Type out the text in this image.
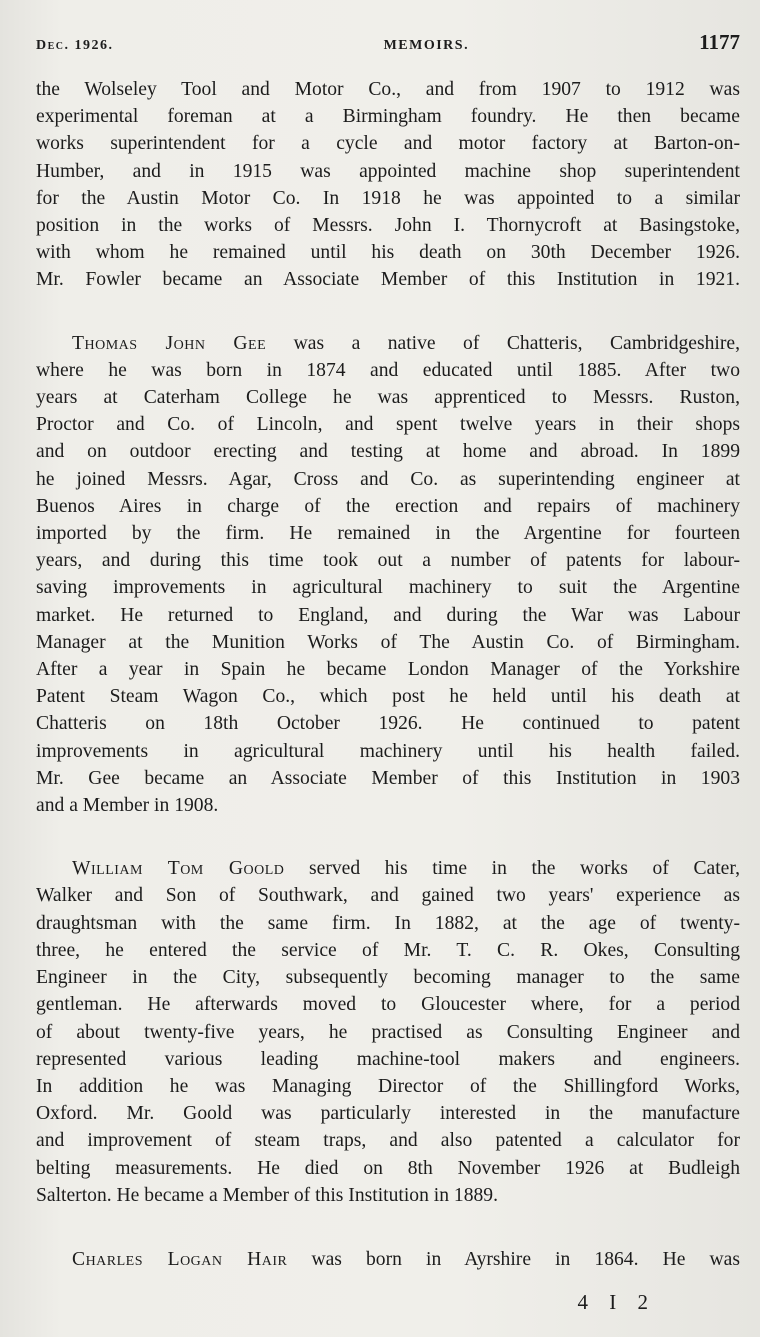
Dec. 1926.	MEMOIRS.	1177

the Wolseley Tool and Motor Co., and from 1907 to 1912 was
experimental foreman at a Birmingham foundry. He then became
works superintendent for a cycle and motor factory at Barton-on-
Humber, and in 1915 was appointed machine shop superintendent
for the Austin Motor Co. In 1918 he was appointed to a similar
position in the works of Messrs. John I. Thornycroft at Basingstoke,
with whom he remained until his death on 30th December 1926.
Mr. Fowler became an Associate Member of this Institution in 1921.

Thomas John Gee was a native of Chatteris, Cambridgeshire,
where he was born in 1874 and educated until 1885. After two
years at Caterham College he was apprenticed to Messrs. Ruston,
Proctor and Co. of Lincoln, and spent twelve years in their shops
and on outdoor erecting and testing at home and abroad. In 1899
he joined Messrs. Agar, Cross and Co. as superintending engineer at
Buenos Aires in charge of the erection and repairs of machinery
imported by the firm. He remained in the Argentine for fourteen
years, and during this time took out a number of patents for labour-
saving improvements in agricultural machinery to suit the Argentine
market. He returned to England, and during the War was Labour
Manager at the Munition Works of The Austin Co. of Birmingham.
After a year in Spain he became London Manager of the Yorkshire
Patent Steam Wagon Co., which post he held until his death at
Chatteris on 18th October 1926. He continued to patent
improvements in agricultural machinery until his health failed.
Mr. Gee became an Associate Member of this Institution in 1903
and a Member in 1908.

William Tom Goold served his time in the works of Cater,
Walker and Son of Southwark, and gained two years' experience as
draughtsman with the same firm. In 1882, at the age of twenty-
three, he entered the service of Mr. T. C. R. Okes, Consulting
Engineer in the City, subsequently becoming manager to the same
gentleman. He afterwards moved to Gloucester where, for a period
of about twenty-five years, he practised as Consulting Engineer and
represented various leading machine-tool makers and engineers.
In addition he was Managing Director of the Shillingford Works,
Oxford. Mr. Goold was particularly interested in the manufacture
and improvement of steam traps, and also patented a calculator for
belting measurements. He died on 8th November 1926 at Budleigh
Salterton. He became a Member of this Institution in 1889.

Charles Logan Hair was born in Ayrshire in 1864. He was

4 I 2
